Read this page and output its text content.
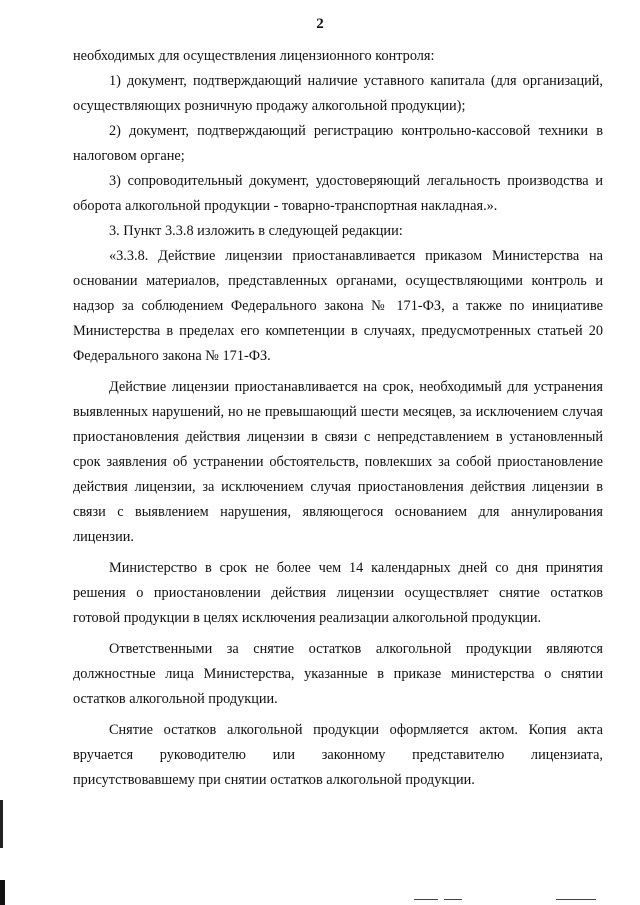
2

необходимых для осуществления лицензионного контроля:

1) документ, подтверждающий наличие уставного капитала (для организаций, осуществляющих розничную продажу алкогольной продукции);

2) документ, подтверждающий регистрацию контрольно-кассовой техники в налоговом органе;

3) сопроводительный документ, удостоверяющий легальность производства и оборота алкогольной продукции - товарно-транспортная накладная.».

3. Пункт 3.3.8 изложить в следующей редакции:

«3.3.8. Действие лицензии приостанавливается приказом Министерства на основании материалов, представленных органами, осуществляющими контроль и надзор за соблюдением Федерального закона № 171-ФЗ, а также по инициативе Министерства в пределах его компетенции в случаях, предусмотренных статьей 20 Федерального закона № 171-ФЗ.

Действие лицензии приостанавливается на срок, необходимый для устранения выявленных нарушений, но не превышающий шести месяцев, за исключением случая приостановления действия лицензии в связи с непредставлением в установленный срок заявления об устранении обстоятельств, повлекших за собой приостановление действия лицензии, за исключением случая приостановления действия лицензии в связи с выявлением нарушения, являющегося основанием для аннулирования лицензии.

Министерство в срок не более чем 14 календарных дней со дня принятия решения о приостановлении действия лицензии осуществляет снятие остатков готовой продукции в целях исключения реализации алкогольной продукции.

Ответственными за снятие остатков алкогольной продукции являются должностные лица Министерства, указанные в приказе министерства о снятии остатков алкогольной продукции.

Снятие остатков алкогольной продукции оформляется актом. Копия акта вручается руководителю или законному представителю лицензиата, присутствовавшему при снятии остатков алкогольной продукции.
